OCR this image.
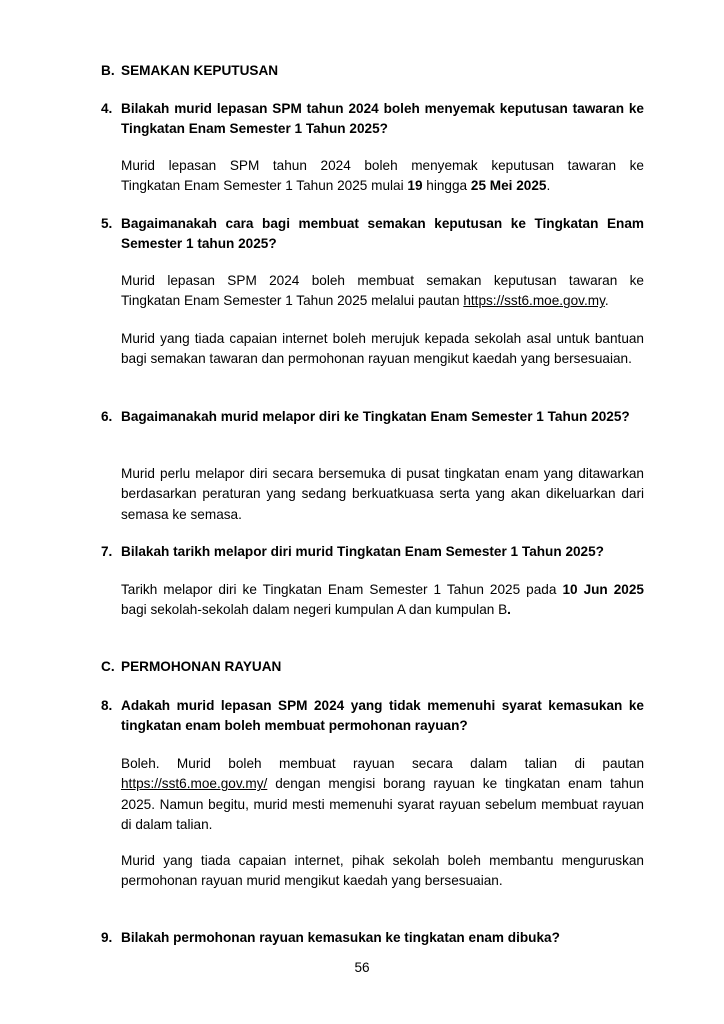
B. SEMAKAN KEPUTUSAN
4. Bilakah murid lepasan SPM tahun 2024 boleh menyemak keputusan tawaran ke Tingkatan Enam Semester 1 Tahun 2025?
Murid lepasan SPM tahun 2024 boleh menyemak keputusan tawaran ke
Tingkatan Enam Semester 1 Tahun 2025 mulai 19 hingga 25 Mei 2025.
5. Bagaimanakah cara bagi membuat semakan keputusan ke Tingkatan Enam Semester 1 tahun 2025?
Murid lepasan SPM 2024 boleh membuat semakan keputusan tawaran ke
Tingkatan Enam Semester 1 Tahun 2025 melalui pautan https://sst6.moe.gov.my.
Murid yang tiada capaian internet boleh merujuk kepada sekolah asal untuk bantuan bagi semakan tawaran dan permohonan rayuan mengikut kaedah yang bersesuaian.
6. Bagaimanakah murid melapor diri ke Tingkatan Enam Semester 1 Tahun 2025?
Murid perlu melapor diri secara bersemuka di pusat tingkatan enam yang ditawarkan berdasarkan peraturan yang sedang berkuatkuasa serta yang akan dikeluarkan dari semasa ke semasa.
7. Bilakah tarikh melapor diri murid Tingkatan Enam Semester 1 Tahun 2025?
Tarikh melapor diri ke Tingkatan Enam Semester 1 Tahun 2025 pada 10 Jun 2025
bagi sekolah-sekolah dalam negeri kumpulan A dan kumpulan B.
C. PERMOHONAN RAYUAN
8. Adakah murid lepasan SPM 2024 yang tidak memenuhi syarat kemasukan ke tingkatan enam boleh membuat permohonan rayuan?
Boleh. Murid boleh membuat rayuan secara dalam talian di pautan
https://sst6.moe.gov.my/ dengan mengisi borang rayuan ke tingkatan enam tahun
2025. Namun begitu, murid mesti memenuhi syarat rayuan sebelum membuat rayuan di dalam talian.
Murid yang tiada capaian internet, pihak sekolah boleh membantu menguruskan permohonan rayuan murid mengikut kaedah yang bersesuaian.
9. Bilakah permohonan rayuan kemasukan ke tingkatan enam dibuka?
56
